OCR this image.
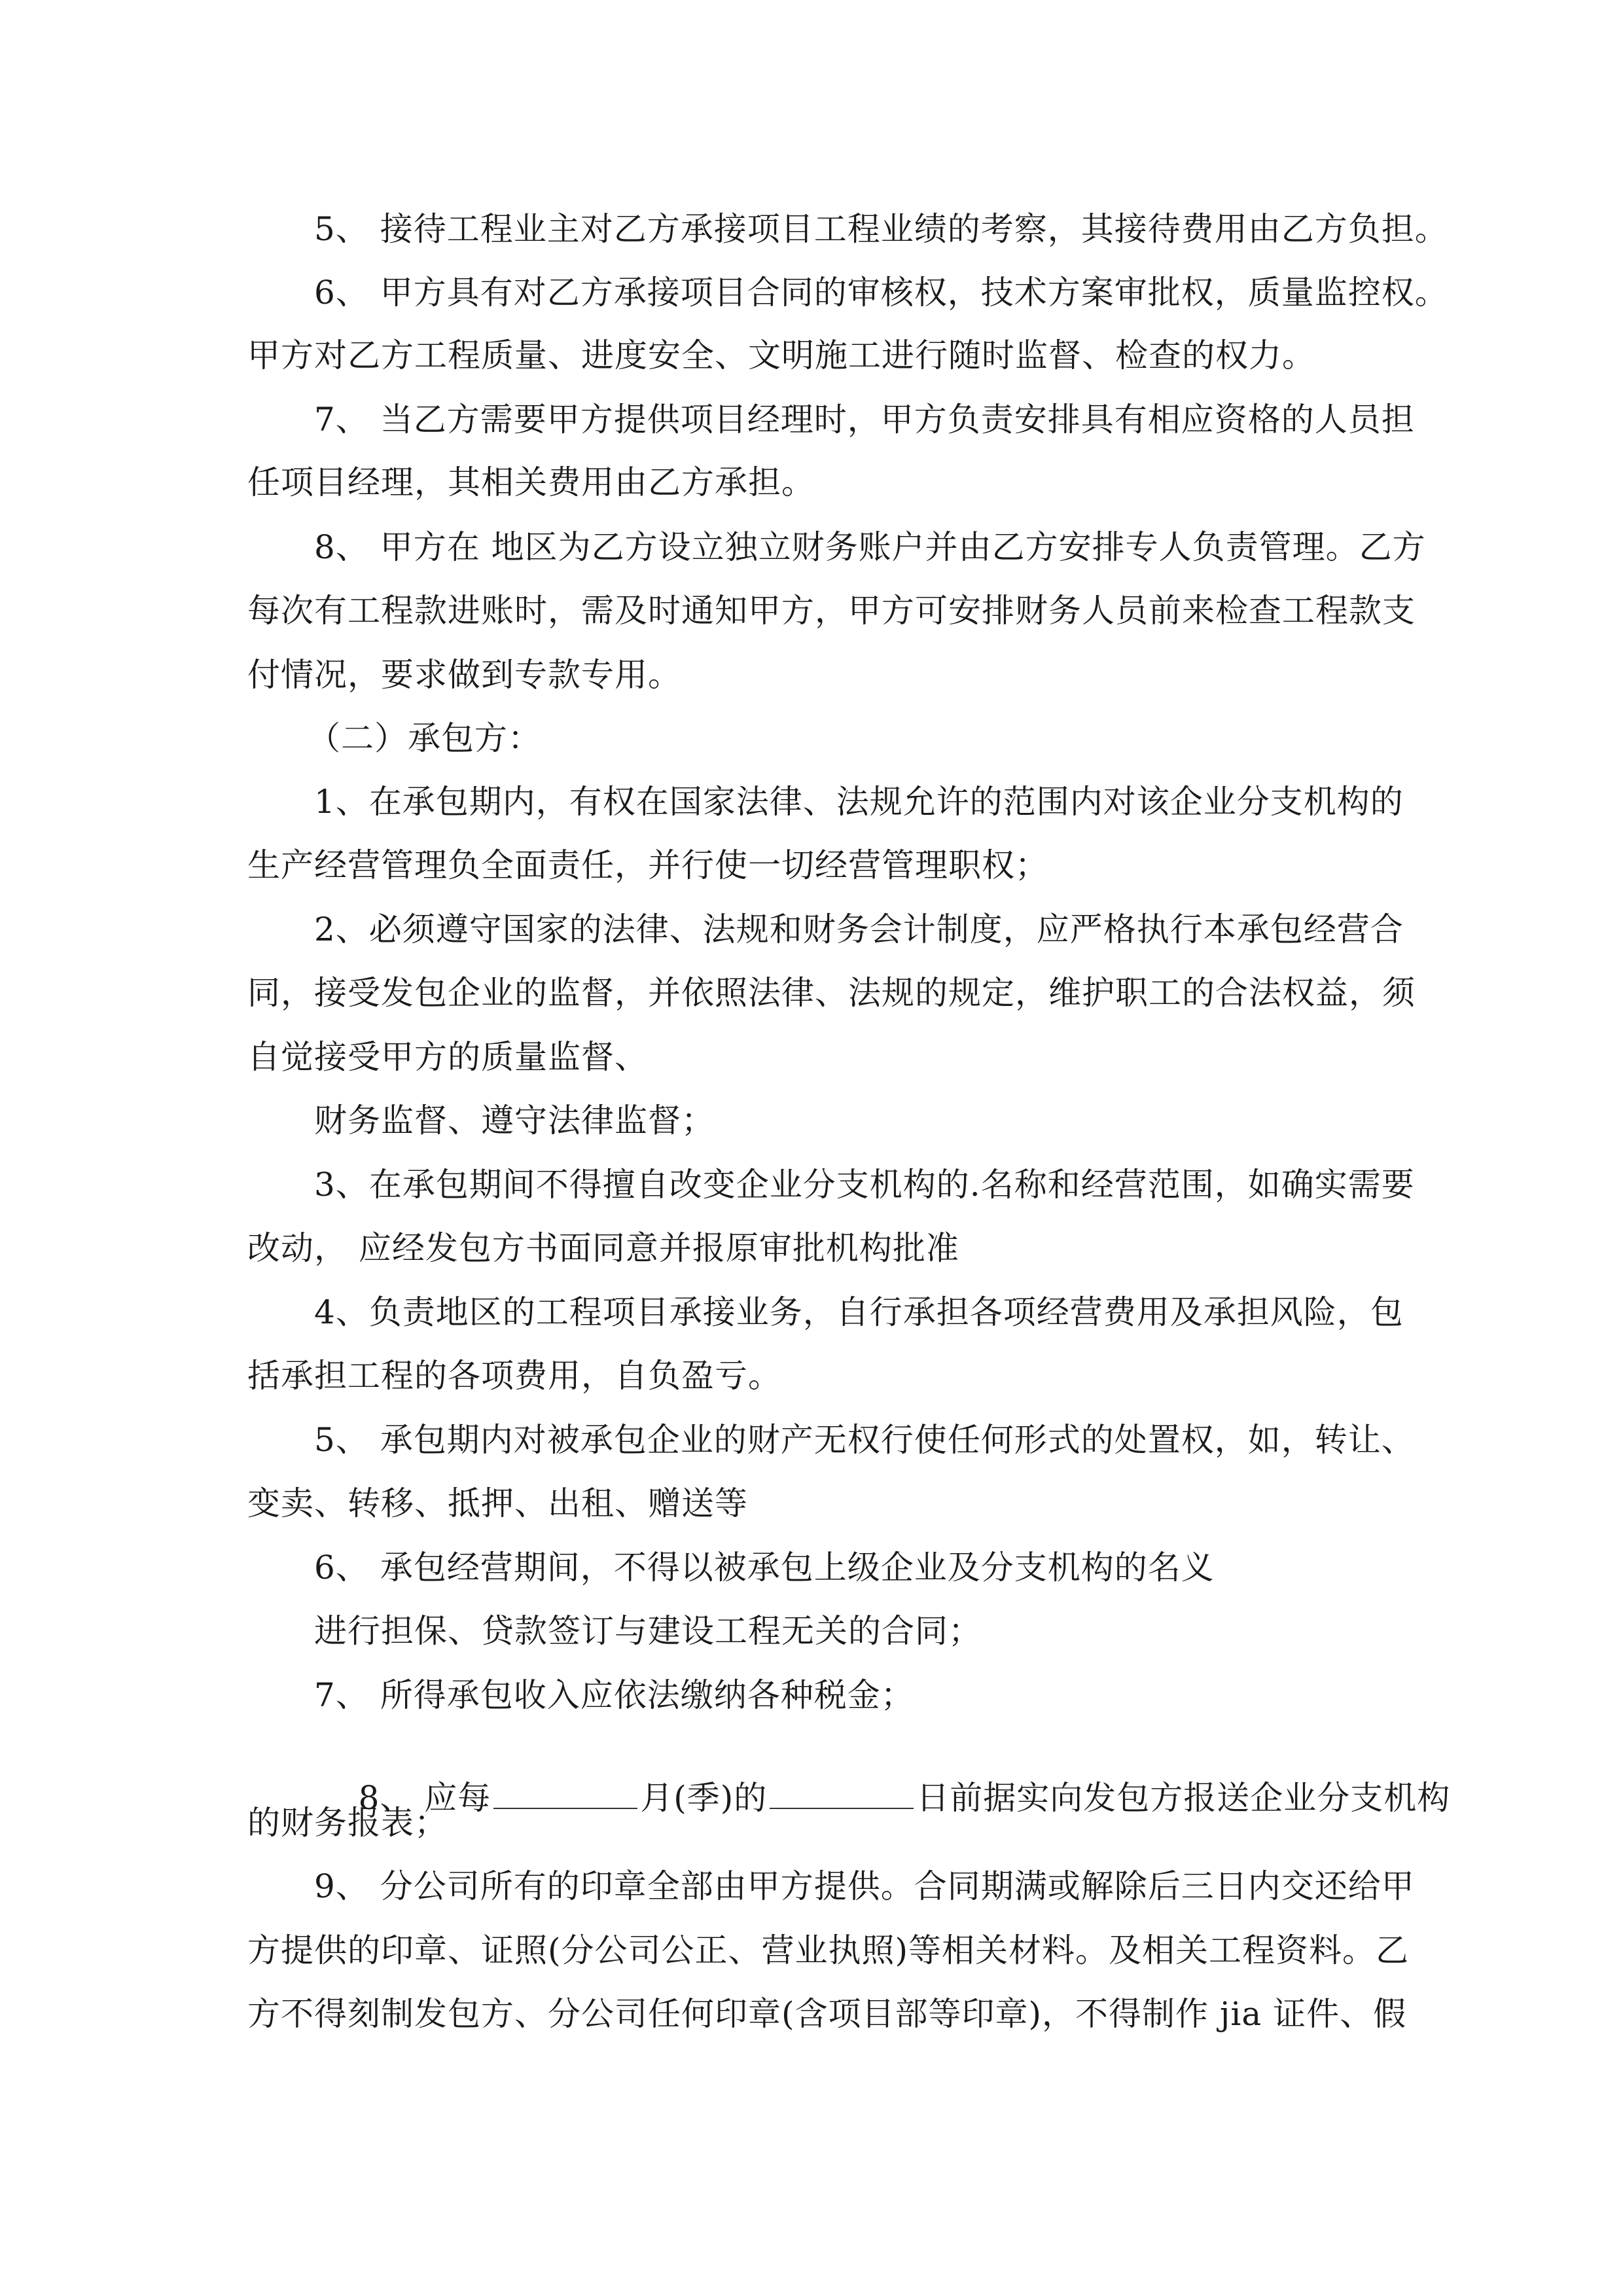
5、 接待工程业主对乙方承接项目工程业绩的考察，其接待费用由乙方负担。
6、 甲方具有对乙方承接项目合同的审核权，技术方案审批权，质量监控权。
甲方对乙方工程质量、进度安全、文明施工进行随时监督、检查的权力。
7、 当乙方需要甲方提供项目经理时，甲方负责安排具有相应资格的人员担
任项目经理，其相关费用由乙方承担。
8、 甲方在 地区为乙方设立独立财务账户并由乙方安排专人负责管理。乙方
每次有工程款进账时，需及时通知甲方，甲方可安排财务人员前来检查工程款支
付情况，要求做到专款专用。
（二）承包方：
1、在承包期内，有权在国家法律、法规允许的范围内对该企业分支机构的
生产经营管理负全面责任，并行使一切经营管理职权；
2、必须遵守国家的法律、法规和财务会计制度，应严格执行本承包经营合
同，接受发包企业的监督，并依照法律、法规的规定，维护职工的合法权益，须
自觉接受甲方的质量监督、
财务监督、遵守法律监督；
3、在承包期间不得擅自改变企业分支机构的.名称和经营范围，如确实需要
改动， 应经发包方书面同意并报原审批机构批准
4、负责地区的工程项目承接业务，自行承担各项经营费用及承担风险，包
括承担工程的各项费用，自负盈亏。
5、 承包期内对被承包企业的财产无权行使任何形式的处置权，如，转让、
变卖、转移、抵押、出租、赠送等
6、 承包经营期间，不得以被承包上级企业及分支机构的名义
进行担保、贷款签订与建设工程无关的合同；
7、 所得承包收入应依法缴纳各种税金；

8、 应每	月(季)的	日前据实向发包方报送企业分支机构

的财务报表；
9、 分公司所有的印章全部由甲方提供。合同期满或解除后三日内交还给甲
方提供的印章、证照(分公司公正、营业执照)等相关材料。及相关工程资料。乙
方不得刻制发包方、分公司任何印章(含项目部等印章)，不得制作 jia 证件、假
